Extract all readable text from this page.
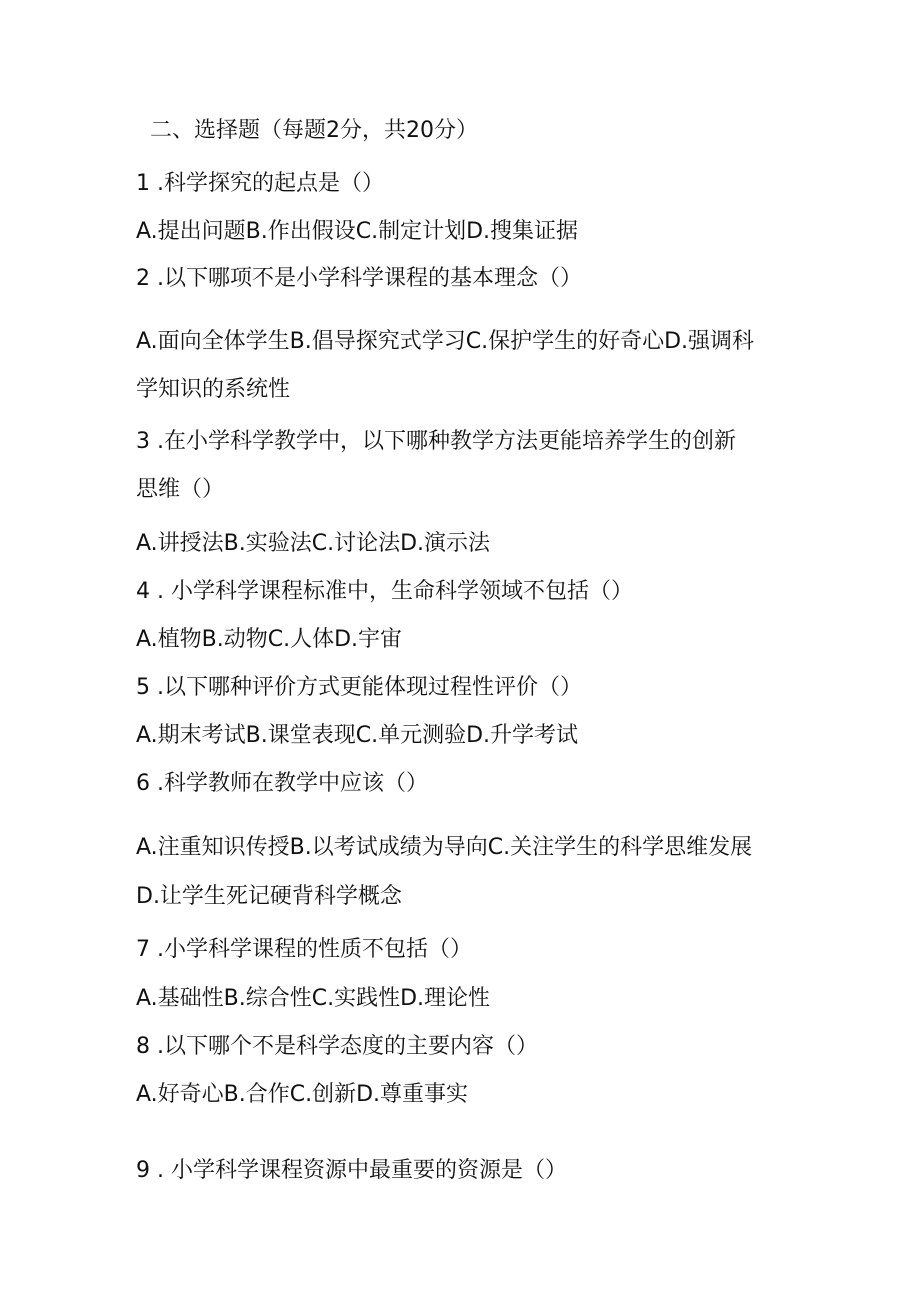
二、选择题（每题2分，共20分）
1 .科学探究的起点是（）
A.提出问题B.作出假设C.制定计划D.搜集证据
2 .以下哪项不是小学科学课程的基本理念（）
A.面向全体学生B.倡导探究式学习C.保护学生的好奇心D.强调科
学知识的系统性
3 .在小学科学教学中，以下哪种教学方法更能培养学生的创新
思维（）
A.讲授法B.实验法C.讨论法D.演示法
4 . 小学科学课程标准中，生命科学领域不包括（）
A.植物B.动物C.人体D.宇宙
5 .以下哪种评价方式更能体现过程性评价（）
A.期末考试B.课堂表现C.单元测验D.升学考试
6 .科学教师在教学中应该（）
A.注重知识传授B.以考试成绩为导向C.关注学生的科学思维发展
D.让学生死记硬背科学概念
7 .小学科学课程的性质不包括（）
A.基础性B.综合性C.实践性D.理论性
8 .以下哪个不是科学态度的主要内容（）
A.好奇心B.合作C.创新D.尊重事实
9 . 小学科学课程资源中最重要的资源是（）
